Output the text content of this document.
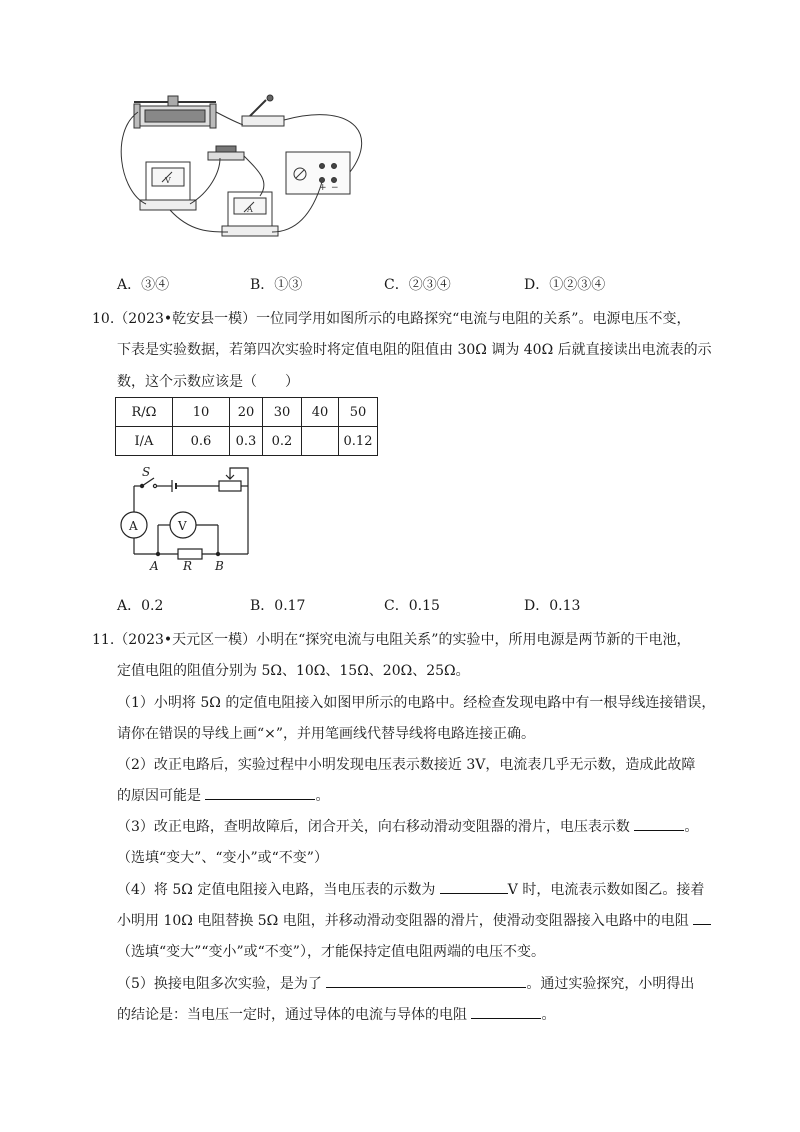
V
A
+ −
A．③④	B．①③	C．②③④	D．①②③④
10.（2023•乾安县一模）一位同学用如图所示的电路探究“电流与电阻的关系”。电源电压不变，
下表是实验数据，若第四次实验时将定值电阻的阻值由 30Ω 调为 40Ω 后就直接读出电流表的示
数，这个示数应该是（　　）
R/Ω	10	20	30	40	50
I/A	0.6	0.3	0.2		0.12
S
A	V
A R B
A．0.2	B．0.17	C．0.15	D．0.13
11.（2023•天元区一模）小明在“探究电流与电阻关系”的实验中，所用电源是两节新的干电池，
定值电阻的阻值分别为 5Ω、10Ω、15Ω、20Ω、25Ω。
（1）小明将 5Ω 的定值电阻接入如图甲所示的电路中。经检查发现电路中有一根导线连接错误，
请你在错误的导线上画“×”，并用笔画线代替导线将电路连接正确。
（2）改正电路后，实验过程中小明发现电压表示数接近 3V，电流表几乎无示数，造成此故障
的原因可能是	。
（3）改正电路，查明故障后，闭合开关，向右移动滑动变阻器的滑片，电压表示数	。
（选填“变大”、“变小”或“不变”）
（4）将 5Ω 定值电阻接入电路，当电压表的示数为	V 时，电流表示数如图乙。接着
小明用 10Ω 电阻替换 5Ω 电阻，并移动滑动变阻器的滑片，使滑动变阻器接入电路中的电阻
（选填“变大”“变小”或“不变”），才能保持定值电阻两端的电压不变。
（5）换接电阻多次实验，是为了	。通过实验探究，小明得出
的结论是：当电压一定时，通过导体的电流与导体的电阻	。
